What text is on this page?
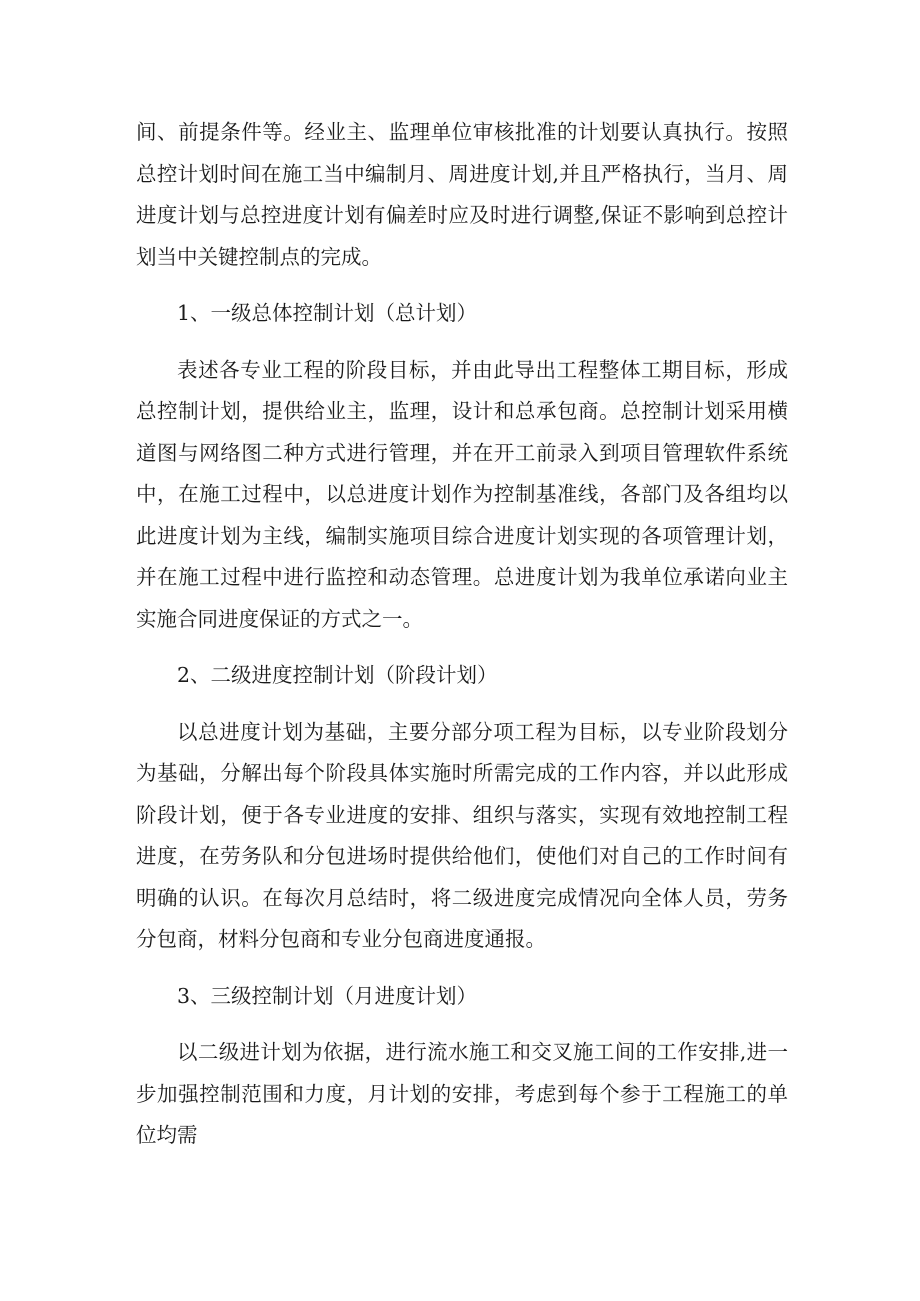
间、前提条件等。经业主、监理单位审核批准的计划要认真执行。按照总控计划时间在施工当中编制月、周进度计划,并且严格执行，当月、周进度计划与总控进度计划有偏差时应及时进行调整,保证不影响到总控计划当中关键控制点的完成。

1、一级总体控制计划（总计划）

表述各专业工程的阶段目标，并由此导出工程整体工期目标，形成总控制计划，提供给业主，监理，设计和总承包商。总控制计划采用横道图与网络图二种方式进行管理，并在开工前录入到项目管理软件系统中，在施工过程中，以总进度计划作为控制基准线，各部门及各组均以此进度计划为主线，编制实施项目综合进度计划实现的各项管理计划，并在施工过程中进行监控和动态管理。总进度计划为我单位承诺向业主实施合同进度保证的方式之一。

2、二级进度控制计划（阶段计划）

以总进度计划为基础，主要分部分项工程为目标，以专业阶段划分为基础，分解出每个阶段具体实施时所需完成的工作内容，并以此形成阶段计划，便于各专业进度的安排、组织与落实，实现有效地控制工程进度，在劳务队和分包进场时提供给他们，使他们对自己的工作时间有明确的认识。在每次月总结时，将二级进度完成情况向全体人员，劳务分包商，材料分包商和专业分包商进度通报。

3、三级控制计划（月进度计划）

以二级进计划为依据，进行流水施工和交叉施工间的工作安排,进一步加强控制范围和力度，月计划的安排，考虑到每个参于工程施工的单位均需
